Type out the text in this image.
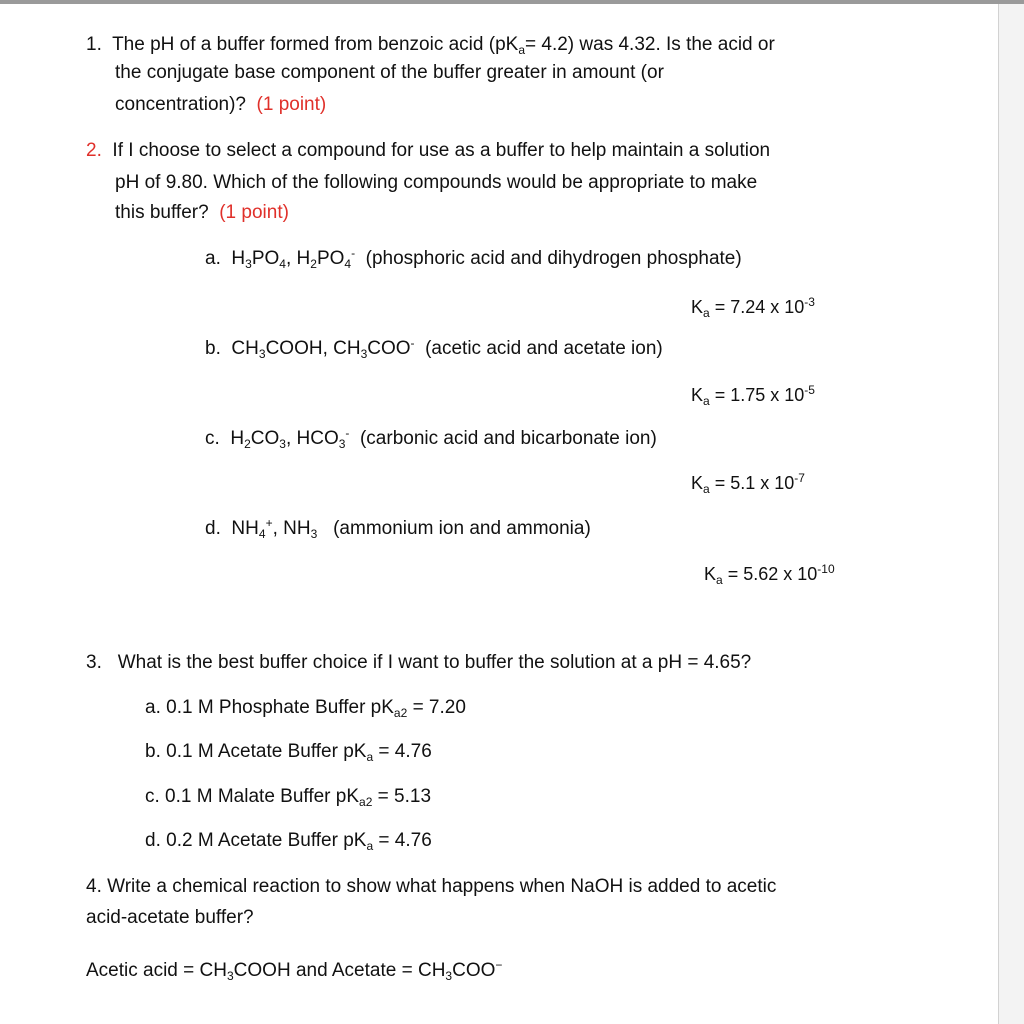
1. The pH of a buffer formed from benzoic acid $(pK_a= 4.2)$ was 4.32. Is the acid or
the conjugate base component of the buffer greater in amount (or
concentration)? (1 point)
2. If I choose to select a compound for use as a buffer to help maintain a solution
pH of 9.80. Which of the following compounds would be appropriate to make
this buffer? (1 point)
a. $H_3PO_4$, $H_2PO_4^-$ (phosphoric acid and dihydrogen phosphate)
$K_a = 7.24$ x $10^{-3}$
b. $CH_3COOH$, $CH_3COO^-$ (acetic acid and acetate ion)
$K_a = 1.75$ x $10^{-5}$
c. $H_2CO_3$, $HCO_3^-$ (carbonic acid and bicarbonate ion)
$K_a = 5.1$ x $10^{-7}$
d. $NH_4^+$, $NH_3$ (ammonium ion and ammonia)
$K_a = 5.62$ x $10^{-10}$
3. What is the best buffer choice if I want to buffer the solution at a pH = 4.65?
a. 0.1 M Phosphate Buffer $pK_{a2} = 7.20$
b. 0.1 M Acetate Buffer $pK_a = 4.76$
c. 0.1 M Malate Buffer $pK_{a2} = 5.13$
d. 0.2 M Acetate Buffer $pK_a = 4.76$
4. Write a chemical reaction to show what happens when NaOH is added to acetic
acid-acetate buffer?
Acetic acid = $CH_3COOH$ and Acetate = $CH_3COO^-$
